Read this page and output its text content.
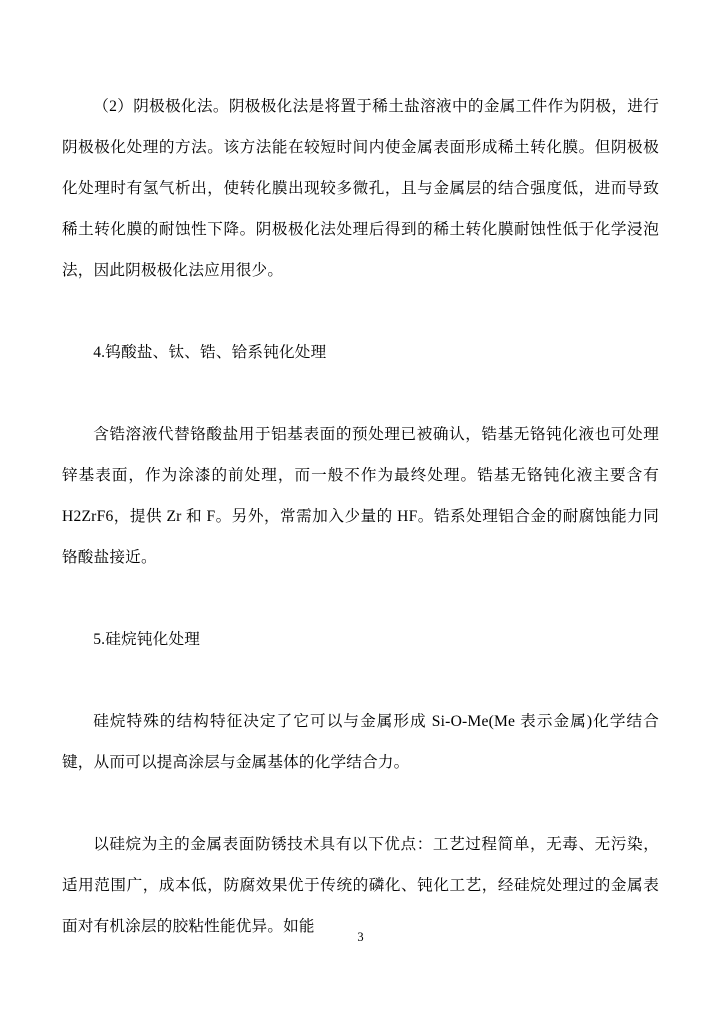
（2）阴极极化法。阴极极化法是将置于稀土盐溶液中的金属工件作为阴极，进行阴极极化处理的方法。该方法能在较短时间内使金属表面形成稀土转化膜。但阴极极化处理时有氢气析出，使转化膜出现较多微孔，且与金属层的结合强度低，进而导致稀土转化膜的耐蚀性下降。阴极极化法处理后得到的稀土转化膜耐蚀性低于化学浸泡法，因此阴极极化法应用很少。

4.钨酸盐、钛、锆、铪系钝化处理

含锆溶液代替铬酸盐用于铝基表面的预处理已被确认，锆基无铬钝化液也可处理锌基表面，作为涂漆的前处理，而一般不作为最终处理。锆基无铬钝化液主要含有 H2ZrF6，提供 Zr 和 F。另外，常需加入少量的 HF。锆系处理铝合金的耐腐蚀能力同铬酸盐接近。

5.硅烷钝化处理

硅烷特殊的结构特征决定了它可以与金属形成 Si-O-Me(Me 表示金属)化学结合键，从而可以提高涂层与金属基体的化学结合力。

以硅烷为主的金属表面防锈技术具有以下优点：工艺过程简单，无毒、无污染，适用范围广，成本低，防腐效果优于传统的磷化、钝化工艺，经硅烷处理过的金属表面对有机涂层的胶粘性能优异。如能

3
